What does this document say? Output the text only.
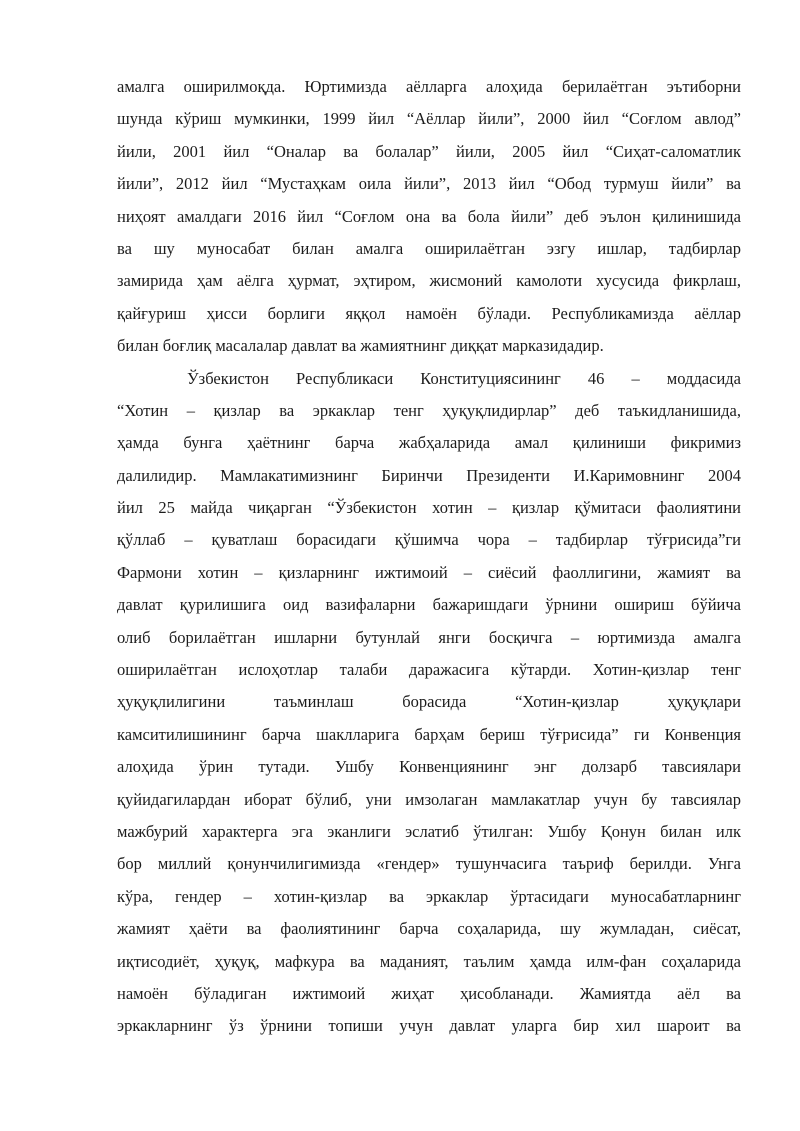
амалга оширилмоқда. Юртимизда аёлларга алоҳида берилаётган эътиборни
шунда кўриш мумкинки, 1999 йил “Аёллар йили”, 2000 йил “Соғлом авлод”
йили, 2001 йил “Оналар ва болалар” йили, 2005 йил “Сиҳат-саломатлик
йили”, 2012 йил “Мустаҳкам оила йили”, 2013 йил “Обод турмуш йили” ва
ниҳоят амалдаги 2016 йил “Соғлом она ва бола йили” деб эълон қилинишида
ва шу муносабат билан амалга оширилаётган эзгу ишлар, тадбирлар
замирида ҳам аёлга ҳурмат, эҳтиром, жисмоний камолоти хусусида фикрлаш,
қайғуриш ҳисси борлиги яққол намоён бўлади. Республикамизда аёллар
билан боғлиқ масалалар давлат ва жамиятнинг диққат марказидадир.
Ўзбекистон Республикаси Конституциясининг 46 – моддасида
“Хотин – қизлар ва эркаклар тенг ҳуқуқлидирлар” деб таъкидланишида,
ҳамда бунга ҳаётнинг барча жабҳаларида амал қилиниши фикримиз
далилидир. Мамлакатимизнинг Биринчи Президенти И.Каримовнинг 2004
йил 25 майда чиқарган “Ўзбекистон хотин – қизлар қўмитаси фаолиятини
қўллаб – қуватлаш борасидаги қўшимча чора – тадбирлар тўғрисида”ги
Фармони хотин – қизларнинг ижтимоий – сиёсий фаоллигини, жамият ва
давлат қурилишига оид вазифаларни бажаришдаги ўрнини ошириш бўйича
олиб борилаётган ишларни бутунлай янги босқичга – юртимизда амалга
оширилаётган ислоҳотлар талаби даражасига кўтарди. Хотин-қизлар тенг
ҳуқуқлилигини таъминлаш борасида “Хотин-қизлар ҳуқуқлари
камситилишининг барча шаклларига барҳам бериш тўғрисида” ги Конвенция
алоҳида ўрин тутади. Ушбу Конвенциянинг энг долзарб тавсиялари
қуйидагилардан иборат бўлиб, уни имзолаган мамлакатлар учун бу тавсиялар
мажбурий характерга эга эканлиги эслатиб ўтилган: Ушбу Қонун билан илк
бор миллий қонунчилигимизда «гендер» тушунчасига таъриф берилди. Унга
кўра, гендер – хотин-қизлар ва эркаклар ўртасидаги муносабатларнинг
жамият ҳаёти ва фаолиятининг барча соҳаларида, шу жумладан, сиёсат,
иқтисодиёт, ҳуқуқ, мафкура ва маданият, таълим ҳамда илм-фан соҳаларида
намоён бўладиган ижтимоий жиҳат ҳисобланади. Жамиятда аёл ва
эркакларнинг ўз ўрнини топиши учун давлат уларга бир хил шароит ва
